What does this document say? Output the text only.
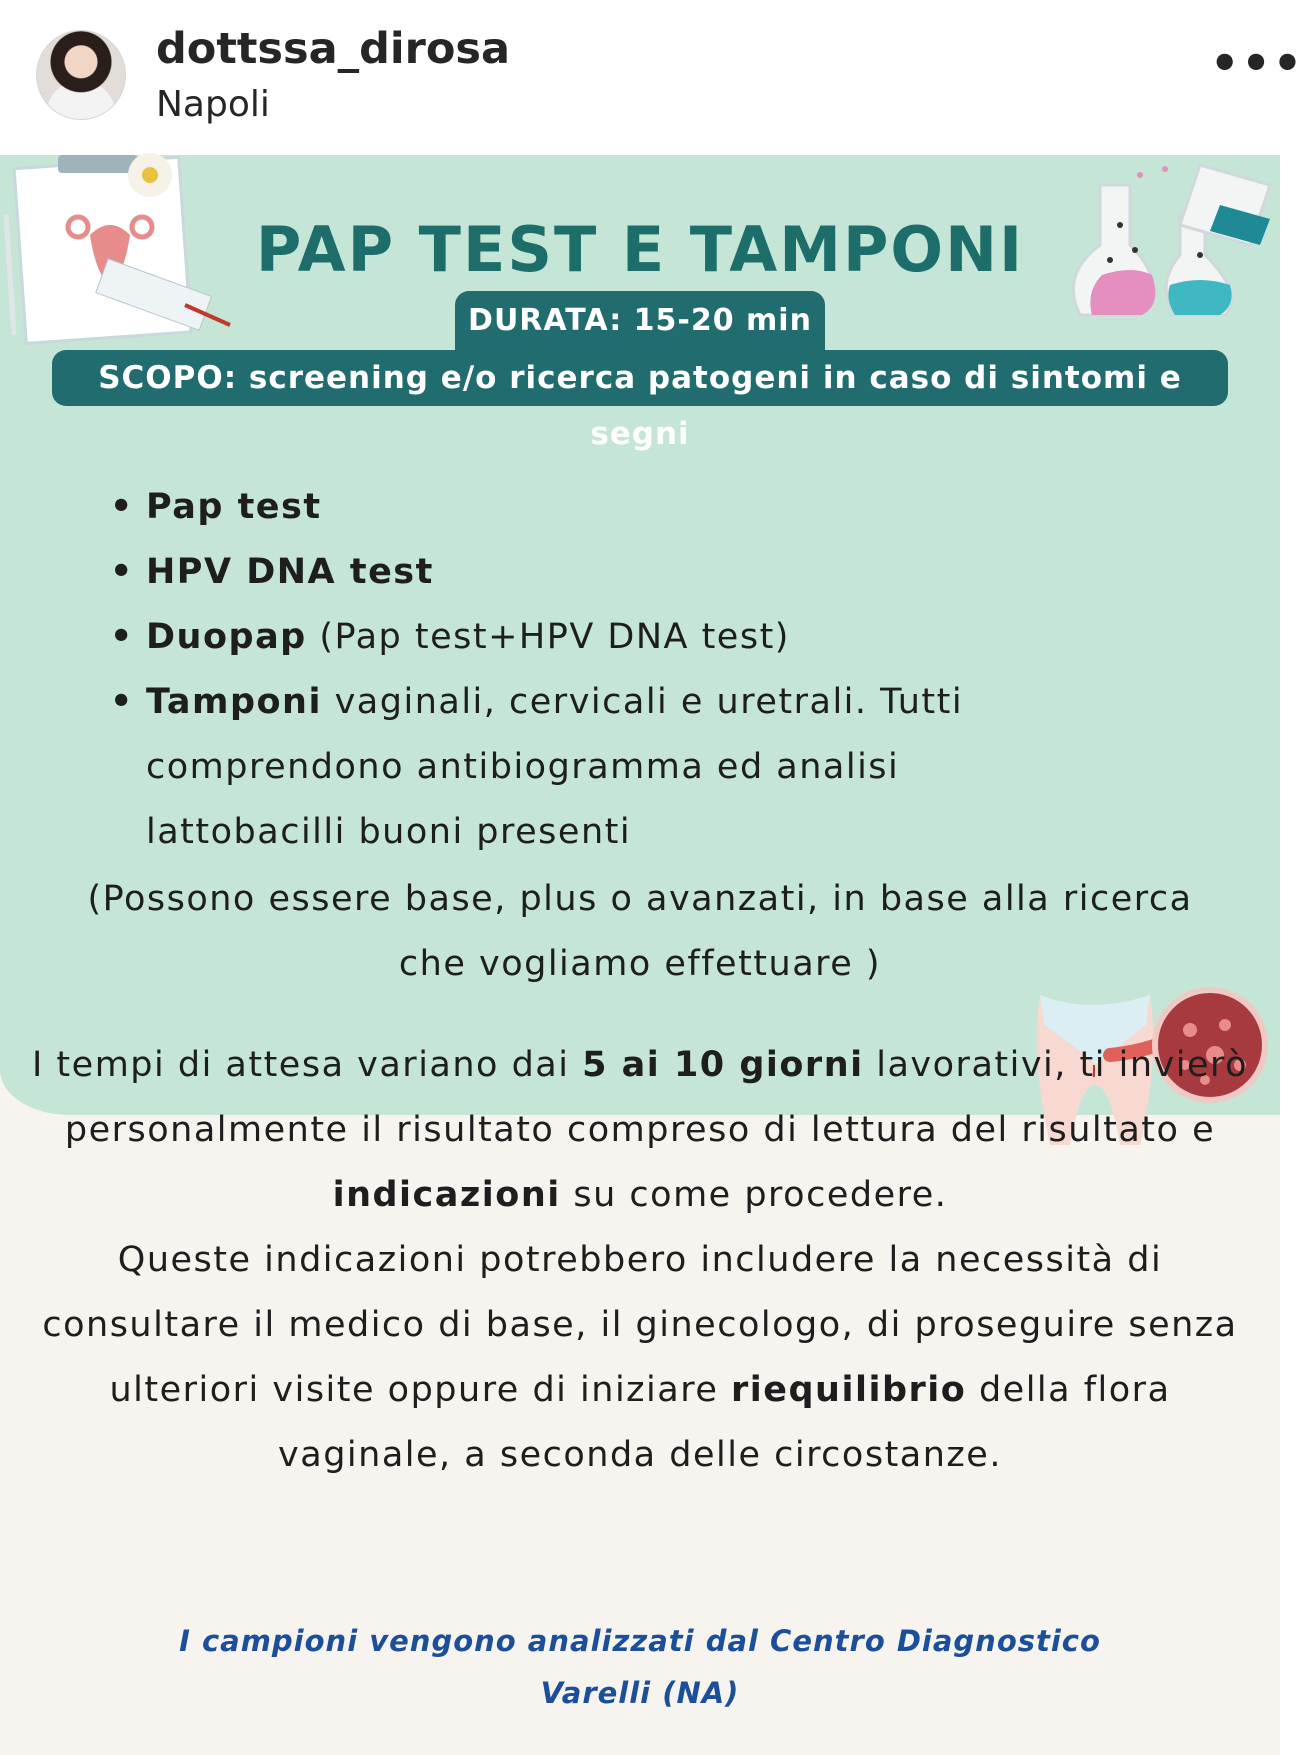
dottssa_dirosa
Napoli
•••
PAP TEST E TAMPONI
DURATA: 15-20 min
SCOPO: screening e/o ricerca patogeni in caso di sintomi e segni
• Pap test
• HPV DNA test
• Duopap (Pap test+HPV DNA test)
• Tamponi vaginali, cervicali e uretrali. Tutti comprendono antibiogramma ed analisi lattobacilli buoni presenti
(Possono essere base, plus o avanzati, in base alla ricerca
che vogliamo effettuare )
I tempi di attesa variano dai 5 ai 10 giorni lavorativi, ti invierò personalmente il risultato compreso di lettura del risultato e indicazioni su come procedere.
Queste indicazioni potrebbero includere la necessità di consultare il medico di base, il ginecologo, di proseguire senza ulteriori visite oppure di iniziare riequilibrio della flora vaginale, a seconda delle circostanze.
I campioni vengono analizzati dal Centro Diagnostico
Varelli (NA)
